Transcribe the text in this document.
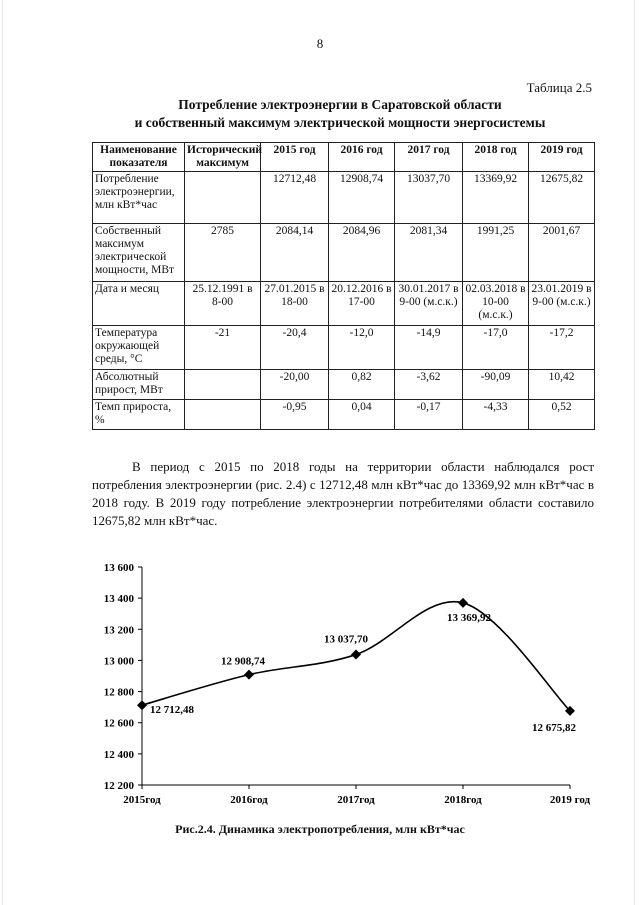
8
Таблица 2.5
Потребление электроэнергии в Саратовской области
и собственный максимум электрической мощности энергосистемы
Наименование показателя	Исторический максимум	2015 год	2016 год	2017 год	2018 год	2019 год
Потребление электроэнергии, млн кВт*час		12712,48	12908,74	13037,70	13369,92	12675,82
Собственный максимум электрической мощности, МВт	2785	2084,14	2084,96	2081,34	1991,25	2001,67
Дата и месяц	25.12.1991 в 8-00	27.01.2015 в 18-00	20.12.2016 в 17-00	30.01.2017 в 9-00 (м.с.к.)	02.03.2018 в 10-00 (м.с.к.)	23.01.2019 в 9-00 (м.с.к.)
Температура окружающей среды, °С	-21	-20,4	-12,0	-14,9	-17,0	-17,2
Абсолютный прирост, МВт		-20,00	0,82	-3,62	-90,09	10,42
Темп прироста, %		-0,95	0,04	-0,17	-4,33	0,52
В период с 2015 по 2018 годы на территории области наблюдался рост потребления электроэнергии (рис. 2.4) с 12712,48 млн кВт*час до 13369,92 млн кВт*час в 2018 году. В 2019 году потребление электроэнергии потребителями области составило 12675,82 млн кВт*час.
12 200
12 400
12 600
12 800
13 000
13 200
13 400
13 600
2015год	2016год	2017год	2018год	2019 год
12 712,48
12 908,74
13 037,70
13 369,92
12 675,82
Рис.2.4. Динамика электропотребления, млн кВт*час
